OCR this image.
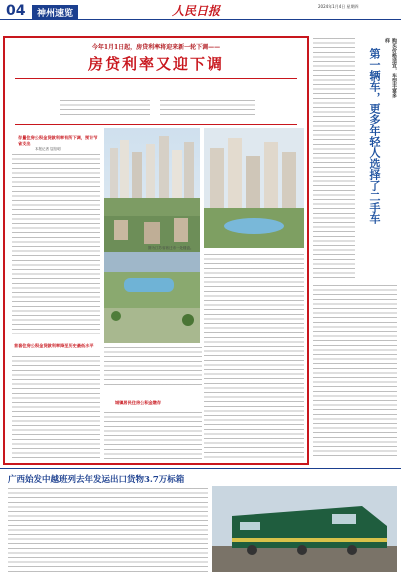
04	神州速览	人民日报	2024年1月4日 星期四
今年1月1日起，房贷利率将迎来新一轮下调——
房贷利率又迎下调
存量住房公积金贷款利率有所下调，预计节省支出
本报记者 屈信明
首套住房公积金贷款利率降至历史最低水平
图为江苏省宿迁市一处楼盘。
城镇居民住房公积金缴存
购买价格适宜，车型丰富多样
第一辆车，更多年轻人选择了二手车
广西始发中越班列去年发运出口货物3.7万标箱
